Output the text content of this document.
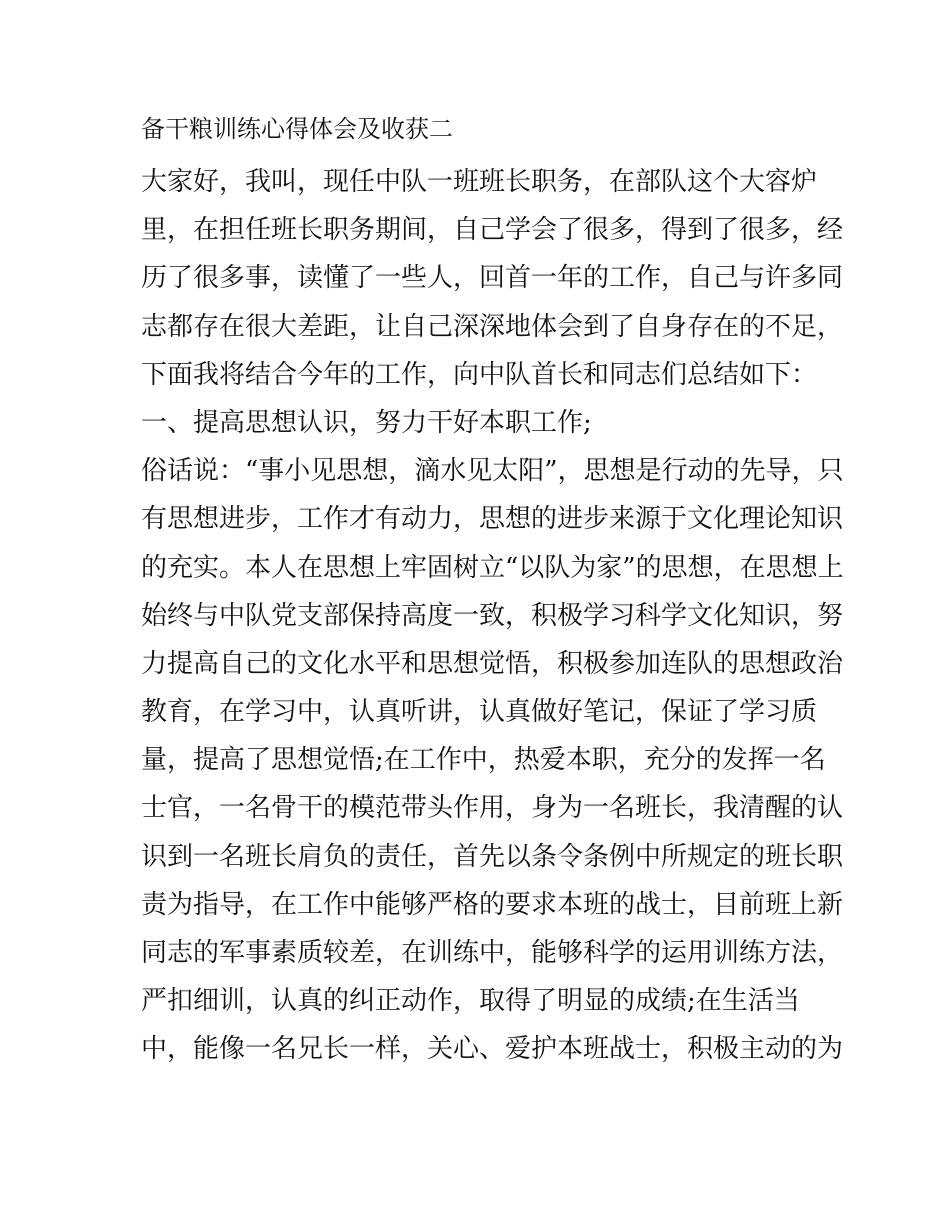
备干粮训练心得体会及收获二
大家好，我叫，现任中队一班班长职务，在部队这个大容炉
里，在担任班长职务期间，自己学会了很多，得到了很多，经
历了很多事，读懂了一些人，回首一年的工作，自己与许多同
志都存在很大差距，让自己深深地体会到了自身存在的不足，
下面我将结合今年的工作，向中队首长和同志们总结如下：
一、提高思想认识，努力干好本职工作;
俗话说：“事小见思想，滴水见太阳”，思想是行动的先导，只
有思想进步，工作才有动力，思想的进步来源于文化理论知识
的充实。本人在思想上牢固树立“以队为家”的思想，在思想上
始终与中队党支部保持高度一致，积极学习科学文化知识，努
力提高自己的文化水平和思想觉悟，积极参加连队的思想政治
教育，在学习中，认真听讲，认真做好笔记，保证了学习质
量，提高了思想觉悟;在工作中，热爱本职，充分的发挥一名
士官，一名骨干的模范带头作用，身为一名班长，我清醒的认
识到一名班长肩负的责任，首先以条令条例中所规定的班长职
责为指导，在工作中能够严格的要求本班的战士，目前班上新
同志的军事素质较差，在训练中，能够科学的运用训练方法，
严扣细训，认真的纠正动作，取得了明显的成绩;在生活当
中，能像一名兄长一样，关心、爱护本班战士，积极主动的为
